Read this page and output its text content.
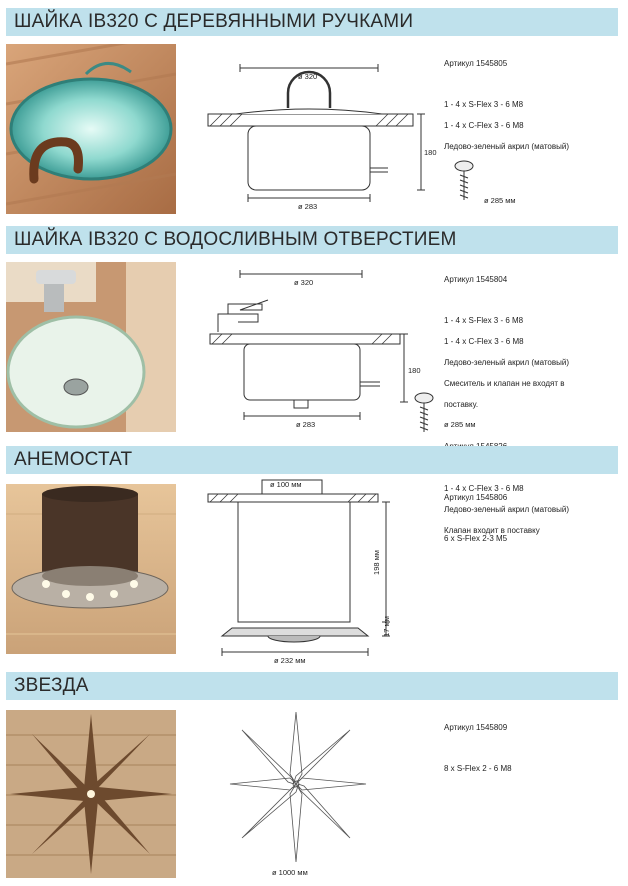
ШАЙКА IB320 С ДЕРЕВЯННЫМИ РУЧКАМИ
ø 320
ø 283
180
ø 285 мм

Артикул 1545805

1 - 4 x S-Flex 3 - 6 M8

1 - 4 x C-Flex 3 - 6 M8

Ледово-зеленый акрил (матовый)

ШАЙКА IB320 С ВОДОСЛИВНЫМ ОТВЕРСТИЕМ
ø 320
ø 283
180
ø 285 мм

Артикул 1545804

1 - 4 x S-Flex 3 - 6 M8

1 - 4 x C-Flex 3 - 6 M8

Ледово-зеленый акрил (матовый)

Смеситель и клапан не входят в

поставку.

1 - 4 x C-Flex 3 - 6 M8

Ледово-зеленый акрил (матовый)

Клапан входит в поставку

АНЕМОСТАТ
ø 100 мм
ø 232 мм
198 мм
17 мм

Артикул 1545806

6 x S-Flex 2-3 M5

ЗВЕЗДА
ø 1000 мм

Артикул 1545809

8 x S-Flex 2 - 6 M8
